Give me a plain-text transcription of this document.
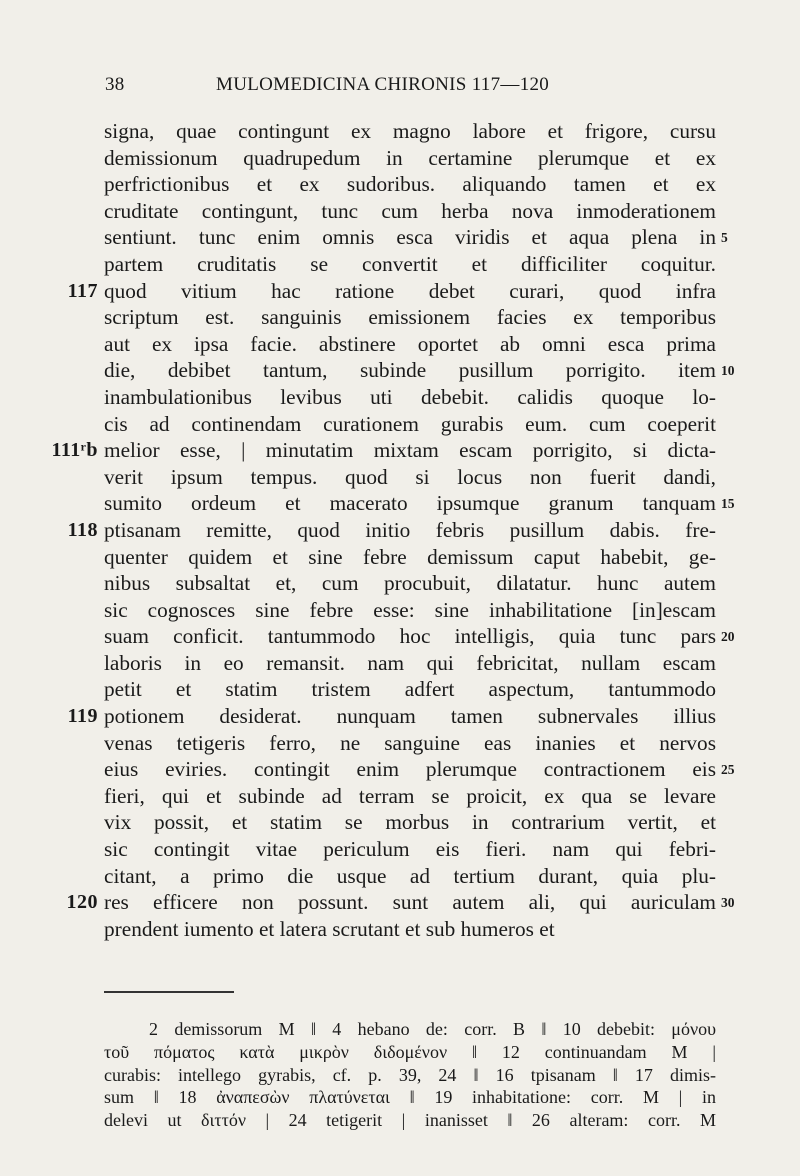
38	MULOMEDICINA CHIRONIS 117—120
signa, quae contingunt ex magno labore et frigore, cursu
demissionum quadrupedum in certamine plerumque et ex
perfrictionibus et ex sudoribus. aliquando tamen et ex
cruditate contingunt, tunc cum herba nova inmoderationem
sentiunt. tunc enim omnis esca viridis et aqua plena in 5
partem cruditatis se convertit et difficiliter coquitur.
quod vitium hac ratione debet curari, quod infra
117
scriptum est. sanguinis emissionem facies ex temporibus
aut ex ipsa facie. abstinere oportet ab omni esca prima
die, debibet tantum, subinde pusillum porrigito. item 10
inambulationibus levibus uti debebit. calidis quoque lo-
cis ad continendam curationem gurabis eum. cum coeperit
melior esse, | minutatim mixtam escam porrigito, si dicta-
111ʳb
verit ipsum tempus. quod si locus non fuerit dandi,
sumito ordeum et macerato ipsumque granum tanquam 15
ptisanam remitte, quod initio febris pusillum dabis. fre-
118
quenter quidem et sine febre demissum caput habebit, ge-
nibus subsaltat et, cum procubuit, dilatatur. hunc autem
sic cognosces sine febre esse: sine inhabilitatione [in]escam
suam conficit. tantummodo hoc intelligis, quia tunc pars 20
laboris in eo remansit. nam qui febricitat, nullam escam
petit et statim tristem adfert aspectum, tantummodo
potionem desiderat. nunquam tamen subnervales illius
119
venas tetigeris ferro, ne sanguine eas inanies et nervos
eius eviries. contingit enim plerumque contractionem eis 25
fieri, qui et subinde ad terram se proicit, ex qua se levare
vix possit, et statim se morbus in contrarium vertit, et
sic contingit vitae periculum eis fieri. nam qui febri-
citant, a primo die usque ad tertium durant, quia plu-
res efficere non possunt. sunt autem ali, qui auriculam
120	30
prendent iumento et latera scrutant et sub humeros et
2 demissorum M ‖ 4 hebano de: corr. B ‖ 10 debebit: μόνου
τοῦ πόματος κατὰ μικρὸν διδομένον ‖ 12 continuandam M |
curabis: intellego gyrabis, cf. p. 39, 24 ‖ 16 tpisanam ‖ 17 dimis-
sum ‖ 18 ἀναπεσὼν πλατύνεται ‖ 19 inhabitatione: corr. M | in
delevi ut διττόν | 24 tetigerit | inanisset ‖ 26 alteram: corr. M
